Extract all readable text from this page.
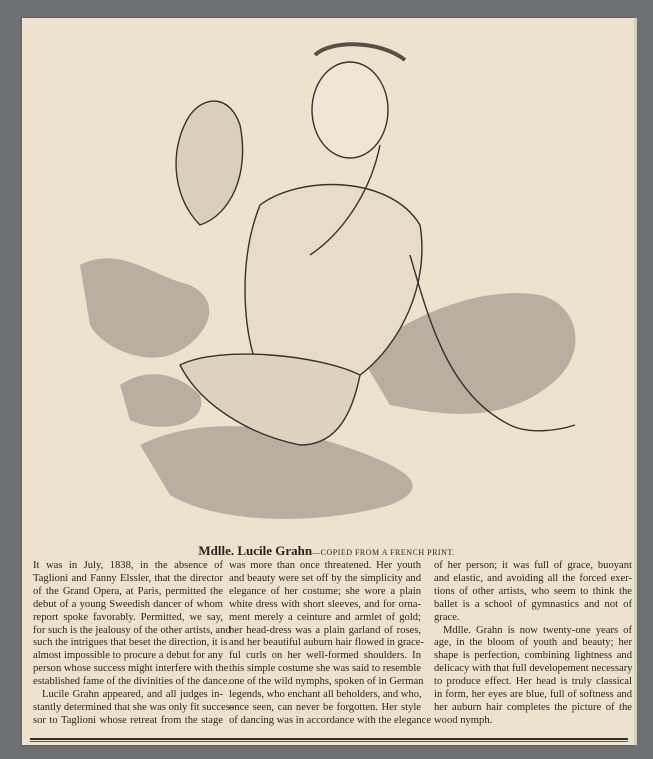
Mdlle. Lucile Grahn—COPIED FROM A FRENCH PRINT.
It was in July, 1838, in the absence of
Taglioni and Fanny Elssler, that the director
of the Grand Opera, at Paris, permitted the
debut of a young Sweedish dancer of whom
report spoke favorably. Permitted, we say,
for such is the jealousy of the other artists, and
such the intrigues that beset the direction, it is
almost impossible to procure a debut for any
person whose success might interfere with the
established fame of the divinities of the dance.
Lucile Grahn appeared, and all judges in-
stantly determined that she was only fit succes-
sor to Taglioni whose retreat from the stage
was more than once threatened. Her youth
and beauty were set off by the simplicity and
elegance of her costume; she wore a plain
white dress with short sleeves, and for orna-
ment merely a ceinture and armlet of gold;
her head-dress was a plain garland of roses,
and her beautiful auburn hair flowed in grace-
ful curls on her well-formed shoulders. In
this simple costume she was said to resemble
one of the wild nymphs, spoken of in German
legends, who enchant all beholders, and who,
once seen, can never be forgotten. Her style
of dancing was in accordance with the elegance
of her person; it was full of grace, buoyant
and elastic, and avoiding all the forced exer-
tions of other artists, who seem to think the
ballet is a school of gymnastics and not of
grace.
Mdlle. Grahn is now twenty-one years of
age, in the bloom of youth and beauty; her
shape is perfection, combining lightness and
delicacy with that full developement necessary
to produce effect. Her head is truly classical
in form, her eyes are blue, full of softness and
her auburn hair completes the picture of the
wood nymph.
